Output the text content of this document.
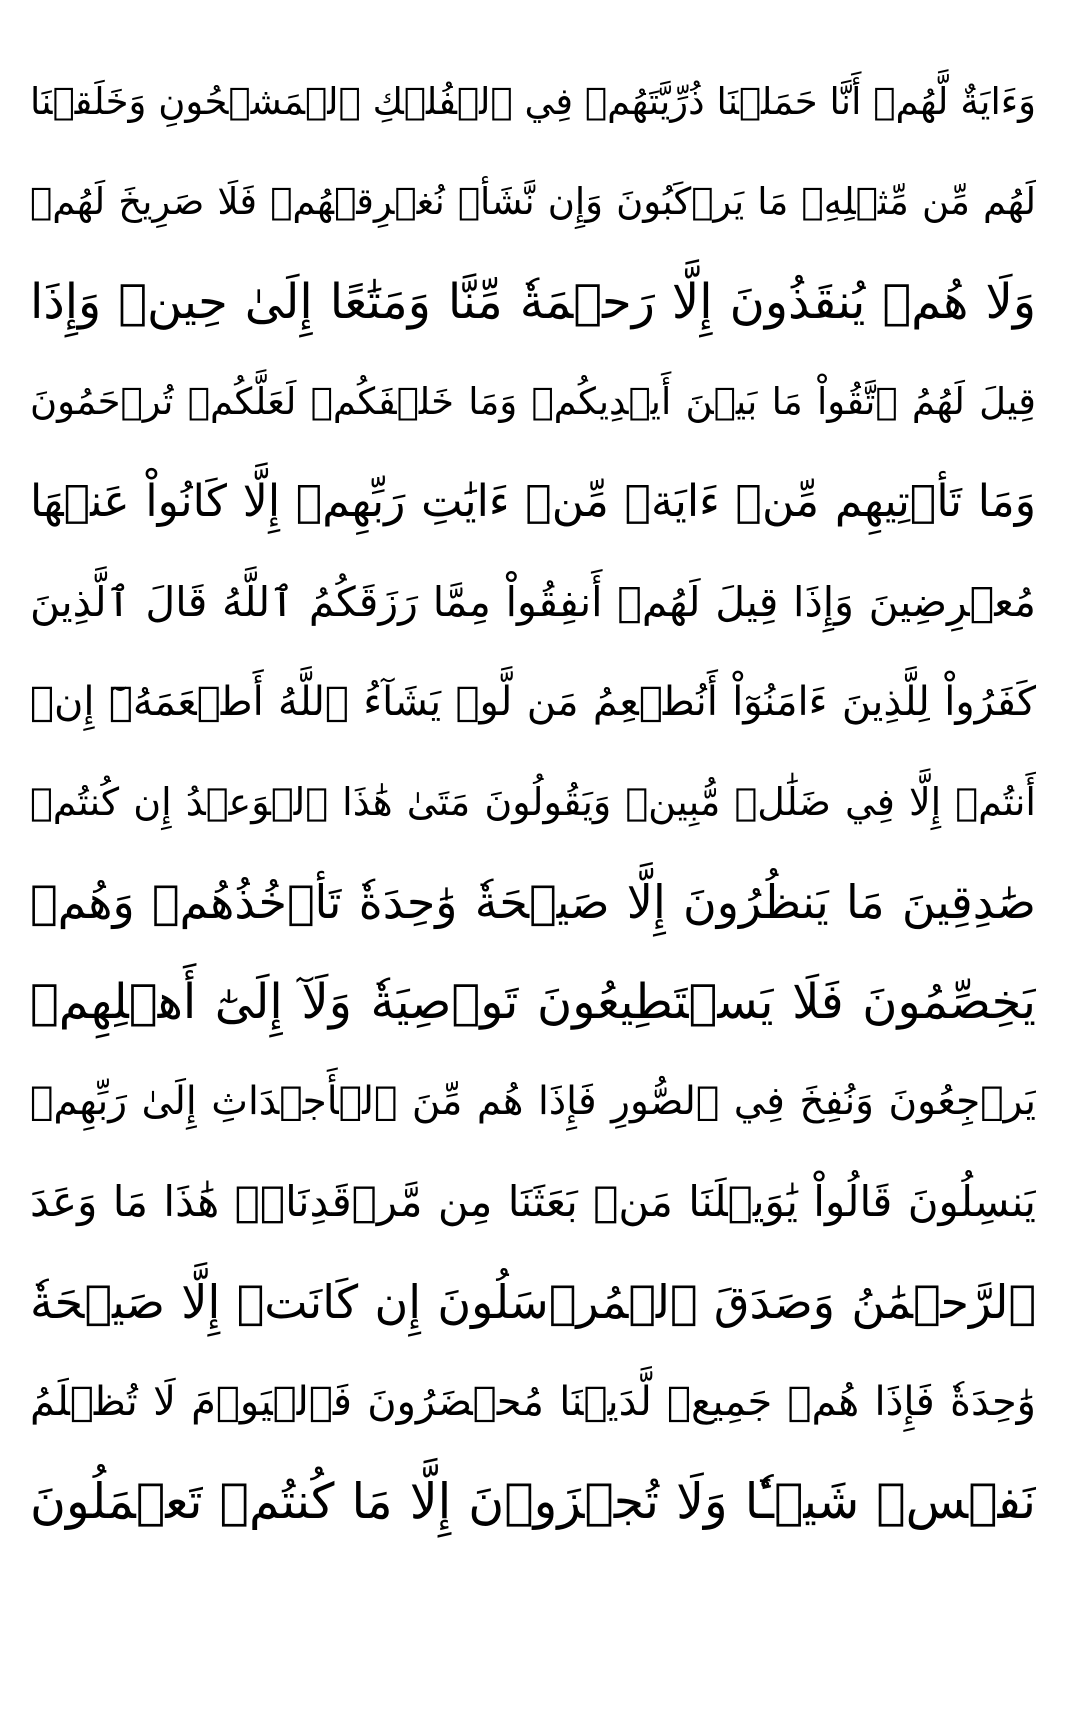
وَءَايَةٌ لَّهُمۡ أَنَّا حَمَلۡنَا ذُرِّيَّتَهُمۡ فِي ٱلۡفُلۡكِ ٱلۡمَشۡحُونِ وَخَلَقۡنَا
لَهُم مِّن مِّثۡلِهِۦ مَا يَرۡكَبُونَ وَإِن نَّشَأۡ نُغۡرِقۡهُمۡ فَلَا صَرِيخَ لَهُمۡ
وَلَا هُمۡ يُنقَذُونَ إِلَّا رَحۡمَةٗ مِّنَّا وَمَتَٰعًا إِلَىٰ حِينٖ وَإِذَا
قِيلَ لَهُمُ ٱتَّقُواْ مَا بَيۡنَ أَيۡدِيكُمۡ وَمَا خَلۡفَكُمۡ لَعَلَّكُمۡ تُرۡحَمُونَ
وَمَا تَأۡتِيهِم مِّنۡ ءَايَةٖ مِّنۡ ءَايَٰتِ رَبِّهِمۡ إِلَّا كَانُواْ عَنۡهَا
مُعۡرِضِينَ وَإِذَا قِيلَ لَهُمۡ أَنفِقُواْ مِمَّا رَزَقَكُمُ ٱللَّهُ قَالَ ٱلَّذِينَ
كَفَرُواْ لِلَّذِينَ ءَامَنُوٓاْ أَنُطۡعِمُ مَن لَّوۡ يَشَآءُ ٱللَّهُ أَطۡعَمَهُۥٓ إِنۡ
أَنتُمۡ إِلَّا فِي ضَلَٰلٖ مُّبِينٖ وَيَقُولُونَ مَتَىٰ هَٰذَا ٱلۡوَعۡدُ إِن كُنتُمۡ
صَٰدِقِينَ مَا يَنظُرُونَ إِلَّا صَيۡحَةٗ وَٰحِدَةٗ تَأۡخُذُهُمۡ وَهُمۡ
يَخِصِّمُونَ فَلَا يَسۡتَطِيعُونَ تَوۡصِيَةٗ وَلَآ إِلَىٰٓ أَهۡلِهِمۡ
يَرۡجِعُونَ وَنُفِخَ فِي ٱلصُّورِ فَإِذَا هُم مِّنَ ٱلۡأَجۡدَاثِ إِلَىٰ رَبِّهِمۡ
يَنسِلُونَ قَالُواْ يَٰوَيۡلَنَا مَنۢ بَعَثَنَا مِن مَّرۡقَدِنَاۜۗ هَٰذَا مَا وَعَدَ
ٱلرَّحۡمَٰنُ وَصَدَقَ ٱلۡمُرۡسَلُونَ إِن كَانَتۡ إِلَّا صَيۡحَةٗ
وَٰحِدَةٗ فَإِذَا هُمۡ جَمِيعٞ لَّدَيۡنَا مُحۡضَرُونَ فَٱلۡيَوۡمَ لَا تُظۡلَمُ
نَفۡسٞ شَيۡـٔٗا وَلَا تُجۡزَوۡنَ إِلَّا مَا كُنتُمۡ تَعۡمَلُونَ
